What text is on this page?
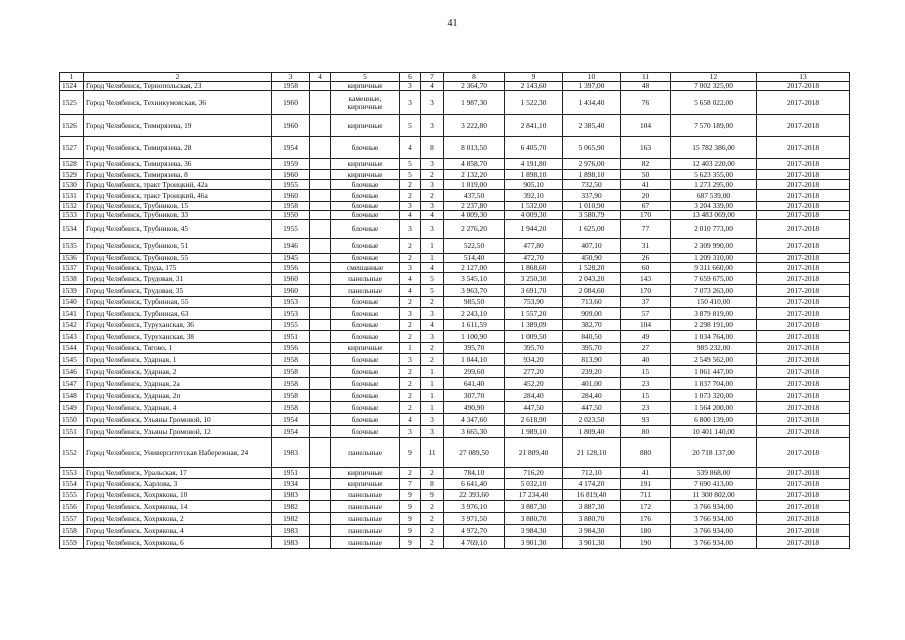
41
1	2	3	4	5	6	7	8	9	10	11	12	13
1524	Город Челябинск, Тернопольская, 23	1958		кирпичные	3	4	2 364,70	2 143,60	1 397,00	48	7 002 325,00	2017-2018
1525	Город Челябинск, Техникумовская, 36	1960		каменные, кирпичные	3	3	1 987,30	1 522,30	1 434,40	76	5 658 022,00	2017-2018
1526	Город Челябинск, Тимирязева, 19	1960		кирпичные	5	3	3 222,80	2 841,10	2 385,40	104	7 570 189,00	2017-2018
1527	Город Челябинск, Тимирязева, 28	1954		блочные	4	8	8 013,50	6 405,70	5 065,90	163	15 782 386,00	2017-2018
1528	Город Челябинск, Тимирязева, 36	1959		кирпичные	5	3	4 858,70	4 191,80	2 976,00	82	12 403 220,00	2017-2018
1529	Город Челябинск, Тимирязева, 8	1960		кирпичные	5	2	2 132,20	1 898,10	1 898,10	50	5 623 355,00	2017-2018
1530	Город Челябинск, тракт Троицкий, 42а	1955		блочные	2	3	1 019,00	905,10	732,50	41	1 273 295,00	2017-2018
1531	Город Челябинск, тракт Троицкий, 46а	1960		блочные	2	2	437,50	392,10	337,90	20	687 539,00	2017-2018
1532	Город Челябинск, Трубников, 15	1958		блочные	3	3	2 237,80	1 532,00	1 010,90	67	3 204 339,00	2017-2018
1533	Город Челябинск, Трубников, 33	1950		блочные	4	4	4 009,30	4 009,30	3 580,79	170	13 483 069,00	2017-2018
1534	Город Челябинск, Трубников, 45	1955		блочные	3	3	2 276,20	1 944,20	1 625,00	77	2 010 773,00	2017-2018
1535	Город Челябинск, Трубников, 51	1946		блочные	2	1	522,50	477,80	407,10	31	2 309 990,00	2017-2018
1536	Город Челябинск, Трубников, 55	1945		блочные	2	1	514,40	472,70	450,90	26	1 209 310,00	2017-2018
1537	Город Челябинск, Труда, 175	1956		смешанные	3	4	2 127,00	1 868,60	1 528,20	60	9 311 660,00	2017-2018
1538	Город Челябинск, Трудовая, 31	1960		панельные	4	5	3 545,10	3 250,30	2 043,20	143	7 659 675,00	2017-2018
1539	Город Челябинск, Трудовая, 35	1960		панельные	4	5	3 963,70	3 691,70	2 084,60	170	7 073 263,00	2017-2018
1540	Город Челябинск, Турбинная, 55	1953		блочные	2	2	985,50	753,90	713,60	37	150 410,00	2017-2018
1541	Город Челябинск, Турбинная, 63	1953		блочные	3	3	2 243,10	1 557,20	909,00	57	3 879 819,00	2017-2018
1542	Город Челябинск, Туруханская, 36	1955		блочные	2	4	1 611,59	1 389,09	382,70	104	2 298 191,00	2017-2018
1543	Город Челябинск, Туруханская, 38	1951		блочные	2	3	1 100,90	1 009,50	840,50	49	1 034 764,00	2017-2018
1544	Город Челябинск, Тягово, 1	1956		кирпичные	1	2	395,70	395,70	395,70	27	985 232,00	2017-2018
1545	Город Челябинск, Ударная, 1	1958		блочные	3	2	1 044,10	934,20	813,90	40	2 549 562,00	2017-2018
1546	Город Челябинск, Ударная, 2	1958		блочные	2	1	299,60	277,20	239,20	15	1 061 447,00	2017-2018
1547	Город Челябинск, Ударная, 2а	1958		блочные	2	1	641,40	452,20	401,00	23	1 837 704,00	2017-2018
1548	Город Челябинск, Ударная, 2п	1958		блочные	2	1	307,70	284,40	284,40	15	1 073 320,00	2017-2018
1549	Город Челябинск, Ударная, 4	1958		блочные	2	1	490,90	447,50	447,50	23	1 564 200,00	2017-2018
1550	Город Челябинск, Ульяны Громовой, 10	1954		блочные	4	3	4 347,60	2 618,90	2 023,50	93	6 800 139,00	2017-2018
1551	Город Челябинск, Ульяны Громовой, 12	1954		блочные	3	3	3 665,30	1 989,10	1 809,40	80	10 401 140,00	2017-2018
1552	Город Челябинск, Университетская Набережная, 24	1983		панельные	9	11	27 089,50	21 809,40	21 128,10	880	20 718 137,00	2017-2018
1553	Город Челябинск, Уральская, 17	1951		кирпичные	2	2	784,10	716,20	712,10	41	539 868,00	2017-2018
1554	Город Челябинск, Харлова, 3	1934		кирпичные	7	8	6 641,40	5 032,10	4 174,20	191	7 690 413,00	2017-2018
1555	Город Челябинск, Хохрякова, 10	1983		панельные	9	9	22 393,60	17 234,40	16 819,40	711	11 300 802,00	2017-2018
1556	Город Челябинск, Хохрякова, 14	1982		панельные	9	2	3 976,10	3 887,30	3 887,30	172	3 766 934,00	2017-2018
1557	Город Челябинск, Хохрякова, 2	1982		панельные	9	2	3 971,50	3 880,70	3 880,70	176	3 766 934,00	2017-2018
1558	Город Челябинск, Хохрякова, 4	1983		панельные	9	2	4 972,70	3 984,30	3 984,30	180	3 766 934,00	2017-2018
1559	Город Челябинск, Хохрякова, 6	1983		панельные	9	2	4 769,10	3 901,30	3 901,30	190	3 766 934,00	2017-2018
